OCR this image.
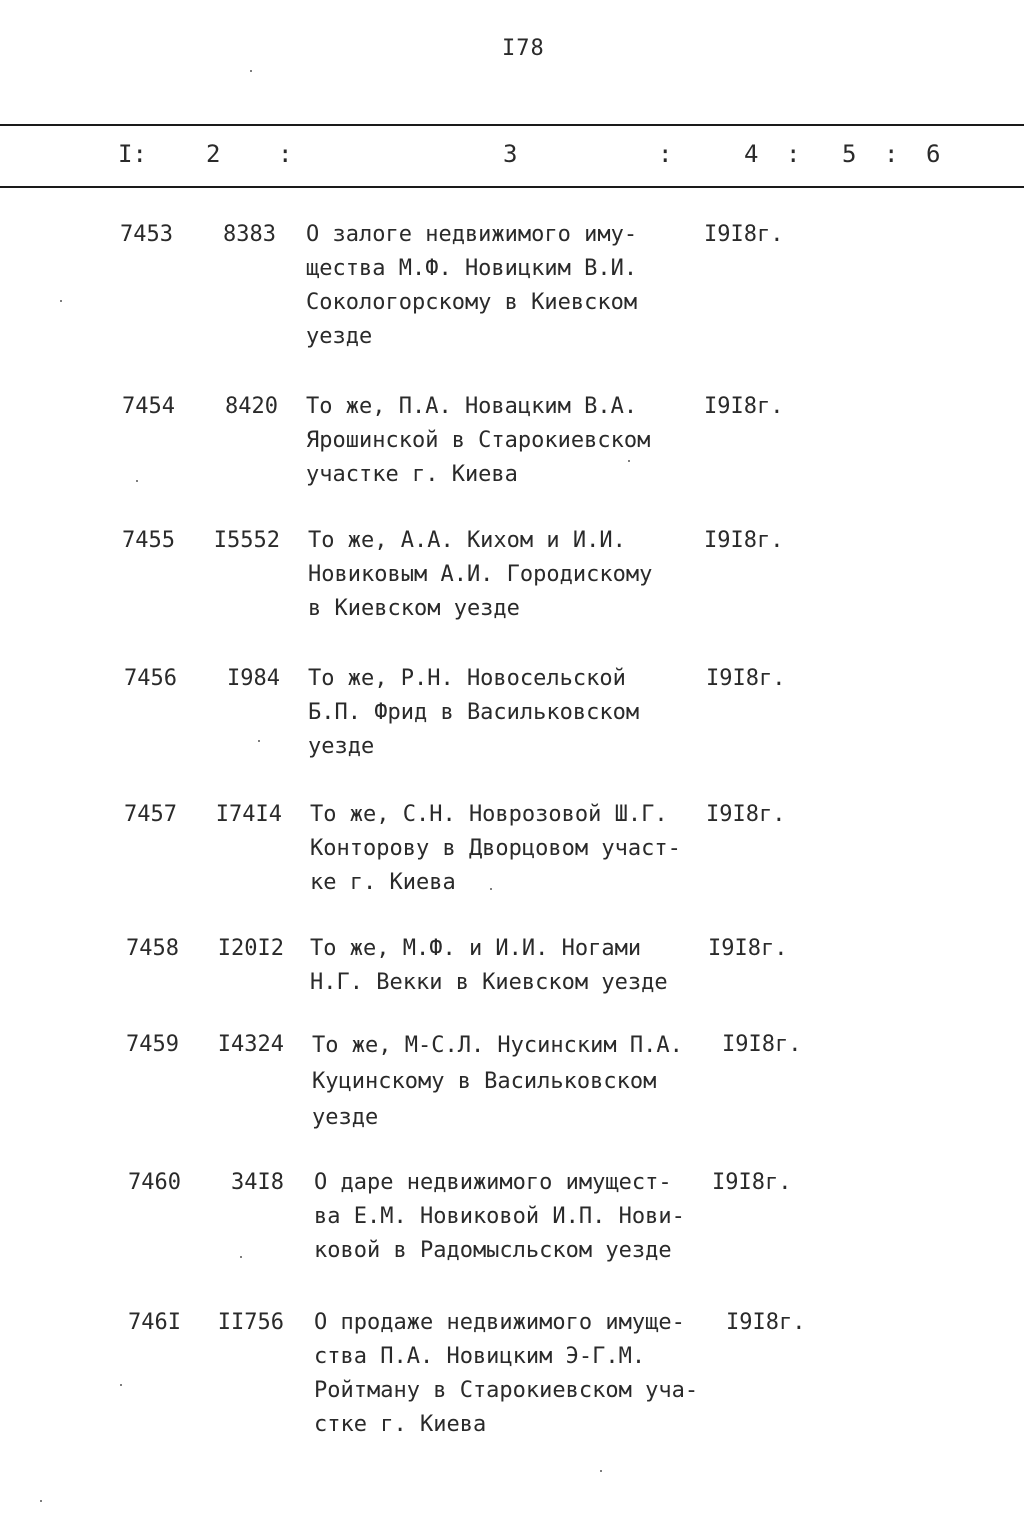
I78
I: 2 :	3	:	4 : 5 : 6
7453	8383 О залоге недвижимого иму-
щества М.Ф. Новицким В.И.
Сокологорскому в Киевском
уезде
I9I8г.
7454	8420 То же, П.А. Новацким В.А.
Ярошинской в Старокиевском
участке г. Киева
I9I8г.
7455	I5552 То же, А.А. Кихом и И.И.
Новиковым А.И. Городискому
в Киевском уезде
I9I8г.
7456	I984 То же, Р.Н. Новосельской
Б.П. Фрид в Васильковском
уезде
I9I8г.
7457	I74I4 То же, С.Н. Новрозовой Ш.Г.
Конторову в Дворцовом участ-
ке г. Киева
I9I8г.
7458	I20I2 То же, М.Ф. и И.И. Ногами
Н.Г. Векки в Киевском уезде
I9I8г.
7459	I4324 То же, М-С.Л. Нусинским П.А.
Куцинскому в Васильковском
уезде
I9I8г.
7460	34I8 О даре недвижимого имущест-
ва Е.М. Новиковой И.П. Нови-
ковой в Радомысльском уезде
I9I8г.
746I	II756 О продаже недвижимого имуще-
ства П.А. Новицким Э-Г.М.
Ройтману в Старокиевском уча-
стке г. Киева
I9I8г.
